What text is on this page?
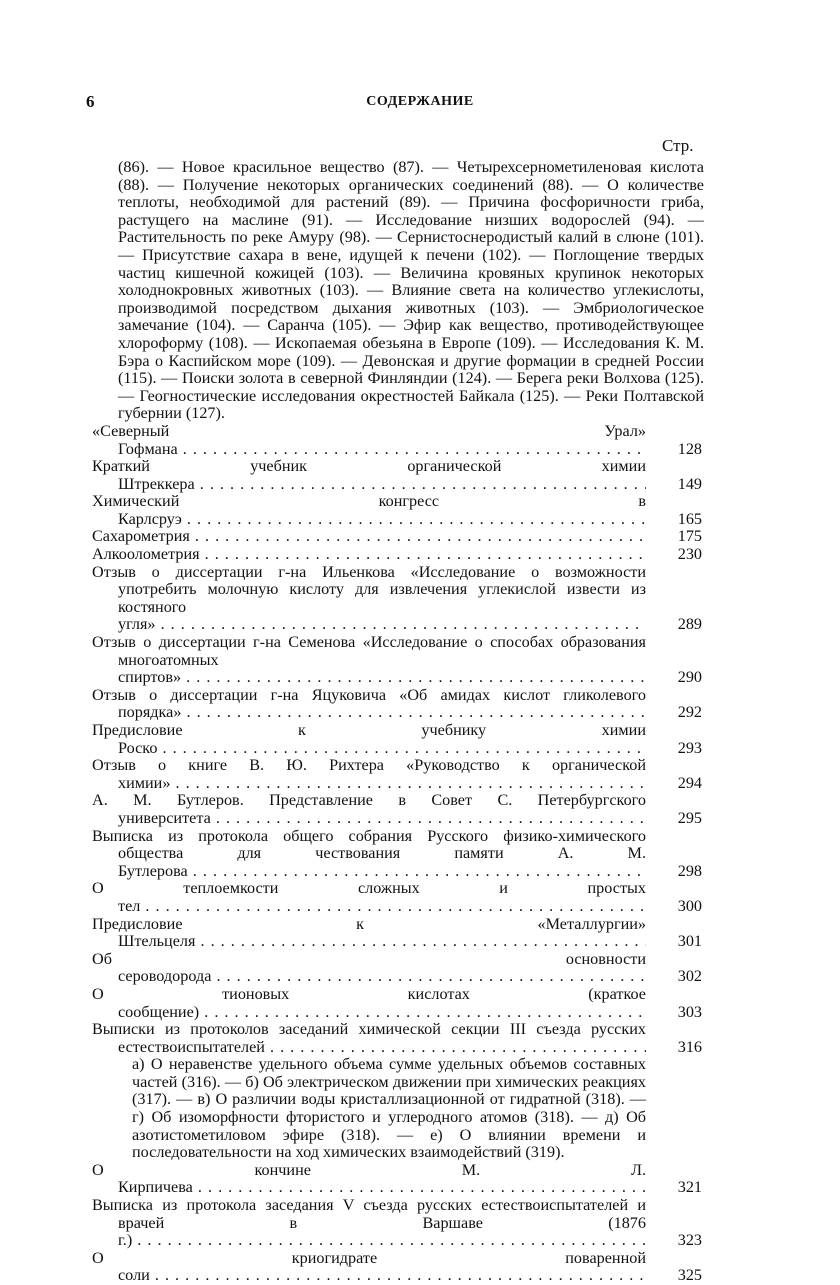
6	СОДЕРЖАНИЕ
Стр.

(86). — Новое красильное вещество (87). — Четырехсернометиленовая кислота (88). — Получение некоторых органических соединений (88). — О количестве теплоты, необходимой для растений (89). — Причина фосфоричности гриба, растущего на маслине (91). — Исследование низших водорослей (94). — Растительность по реке Амуру (98). — Сернистоснеродистый калий в слюне (101). — Присутствие сахара в вене, идущей к печени (102). — Поглощение твердых частиц кишечной кожицей (103). — Величина кровяных крупинок некоторых холоднокровных животных (103). — Влияние света на количество углекислоты, производимой посредством дыхания животных (103). — Эмбриологическое замечание (104). — Саранча (105). — Эфир как вещество, противодействующее хлороформу (108). — Ископаемая обезьяна в Европе (109). — Исследования К. М. Бэра о Каспийском море (109). — Девонская и другие формации в средней России (115). — Поиски золота в северной Финляндии (124). — Берега реки Волхова (125). — Геогностические исследования окрестностей Байкала (125). — Реки Полтавской губернии (127).

«Северный Урал» Гофмана . . .	128
Краткий учебник органической химии Штреккера . . .	149
Химический конгресс в Карлсруэ . . .	165
Сахарометрия . . .	175
Алкоолометрия . . .	230
Отзыв о диссертации г-на Ильенкова «Исследование о возможности употребить молочную кислоту для извлечения углекислой извести из костяного угля» . . .	289
Отзыв о диссертации г-на Семенова «Исследование о способах образования многоатомных спиртов» . . .	290
Отзыв о диссертации г-на Яцуковича «Об амидах кислот гликолевого порядка» . . .	292
Предисловие к учебнику химии Роско . . .	293
Отзыв о книге В. Ю. Рихтера «Руководство к органической химии» . . .	294
А. М. Бутлеров. Представление в Совет С. Петербургского университета . . .	295
Выписка из протокола общего собрания Русского физико-химического общества для чествования памяти А. М. Бутлерова . . .	298
О теплоемкости сложных и простых тел . . .	300
Предисловие к «Металлургии» Штельцеля . . .	301
Об основности сероводорода . . .	302
О тионовых кислотах (краткое сообщение) . . .	303
Выписки из протоколов заседаний химической секции III съезда русских естествоиспытателей . . .	316

а) О неравенстве удельного объема сумме удельных объемов составных частей (316). — б) Об электрическом движении при химических реакциях (317). — в) О различии воды кристаллизационной от гидратной (318). — г) Об изоморфности фтористого и углеродного атомов (318). — д) Об азотистометиловом эфире (318). — е) О влиянии времени и последовательности на ход химических взаимодействий (319).

О кончине М. Л. Кирпичева . . .	321
Выписка из протокола заседания V съезда русских естествоиспытателей и врачей в Варшаве (1876 г.) . . .	323
О криогидрате поваренной соли . . .	325
